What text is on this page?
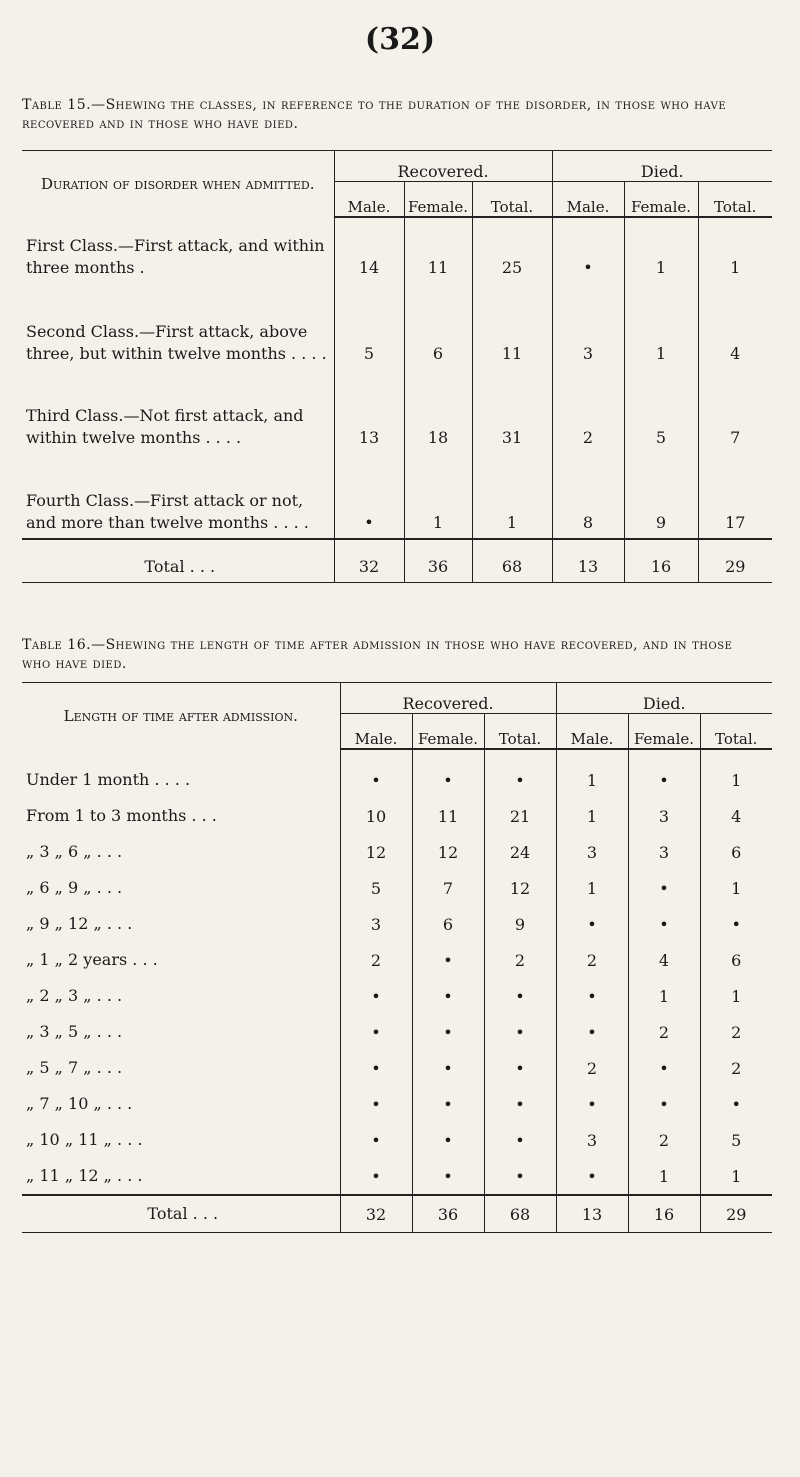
(32)
Table 15.—Shewing the classes, in reference to the duration of the disorder, in those who have recovered and in those who have died.
Duration of disorder when admitted.	Recovered.			Died.		
	Male.	Female.	Total.	Male.	Female.	Total.
First Class.—First attack, and within three months .	14	11	25	•	1	1
Second Class.—First attack, above three, but within twelve months . . . .	5	6	11	3	1	4
Third Class.—Not first attack, and within twelve months . . . .	13	18	31	2	5	7
Fourth Class.—First attack or not, and more than twelve months . . . .	•	1	1	8	9	17
Total . . .	32	36	68	13	16	29
Table 16.—Shewing the length of time after admission in those who have recovered, and in those who have died.
Length of time after admission.	Recovered.			Died.		
	Male.	Female.	Total.	Male.	Female.	Total.

Under 1 month . . . .	•	•	•	1	•	1
From 1 to 3 months . . .	10	11	21	1	3	4
„ 3 „ 6 „ . . .	12	12	24	3	3	6
„ 6 „ 9 „ . . .	5	7	12	1	•	1
„ 9 „ 12 „ . . .	3	6	9	•	•	•
„ 1 „ 2 years . . .	2	•	2	2	4	6
„ 2 „ 3 „ . . .	•	•	•	•	1	1
„ 3 „ 5 „ . . .	•	•	•	•	2	2
„ 5 „ 7 „ . . .	•	•	•	2	•	2
„ 7 „ 10 „ . . .	•	•	•	•	•	•
„ 10 „ 11 „ . . .	•	•	•	3	2	5
„ 11 „ 12 „ . . .	•	•	•	•	1	1
Total . . .	32	36	68	13	16	29
